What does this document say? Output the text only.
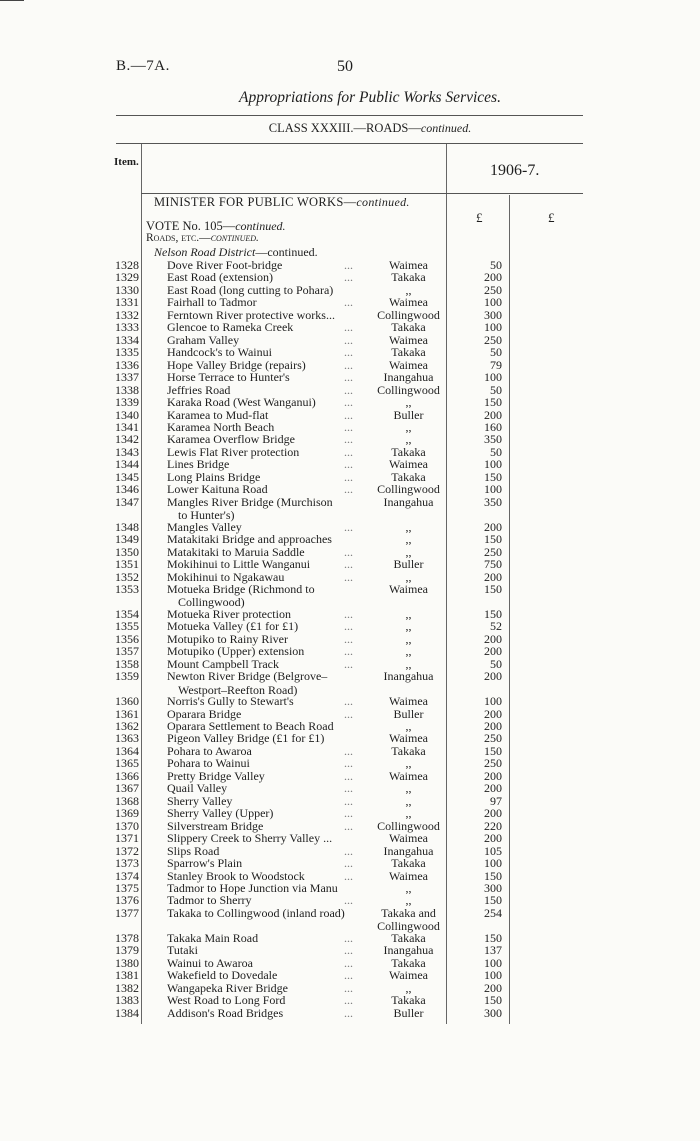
B.—7A.	50
Appropriations for Public Works Services.
CLASS XXXIII.—ROADS—continued.
Item.	1906-7.
MINISTER FOR PUBLIC WORKS—continued.
£	£
VOTE No. 105—continued.
Roads, etc.—continued.
Nelson Road District—continued.
1328 Dove River Foot-bridge	...	Waimea	50
1329 East Road (extension)	...	Takaka	200
1330 East Road (long cutting to Pohara)	,,	250
1331 Fairhall to Tadmor	...	Waimea	100
1332 Ferntown River protective works...	Collingwood	300
1333 Glencoe to Rameka Creek	...	Takaka	100
1334 Graham Valley	...	Waimea	250
1335 Handcock's to Wainui	...	Takaka	50
1336 Hope Valley Bridge (repairs)	...	Waimea	79
1337 Horse Terrace to Hunter's	...	Inangahua	100
1338 Jeffries Road	...	Collingwood	50
1339 Karaka Road (West Wanganui) ...	,,	150
1340 Karamea to Mud-flat	...	Buller	200
1341 Karamea North Beach	...	,,	160
1342 Karamea Overflow Bridge	...	,,	350
1343 Lewis Flat River protection	...	Takaka	50
1344 Lines Bridge	...	Waimea	100
1345 Long Plains Bridge	...	Takaka	150
1346 Lower Kaituna Road	...	Collingwood	100
1347 Mangles River Bridge (Murchison	Inangahua	350
to Hunter's)
1348 Mangles Valley	...	,,	200
1349 Matakitaki Bridge and approaches	,,	150
1350 Matakitaki to Maruia Saddle	...	,,	250
1351 Mokihinui to Little Wanganui	...	Buller	750
1352 Mokihinui to Ngakawau	...	,,	200
1353 Motueka Bridge (Richmond to	Waimea	150
Collingwood)
1354 Motueka River protection	...	,,	150
1355 Motueka Valley (£1 for £1)	...	,,	52
1356 Motupiko to Rainy River	...	,,	200
1357 Motupiko (Upper) extension	...	,,	200
1358 Mount Campbell Track	...	,,	50
1359 Newton River Bridge (Belgrove–	Inangahua	200
Westport–Reefton Road)
1360 Norris's Gully to Stewart's	...	Waimea	100
1361 Oparara Bridge	...	Buller	200
1362 Oparara Settlement to Beach Road	,,	200
1363 Pigeon Valley Bridge (£1 for £1)	Waimea	250
1364 Pohara to Awaroa	...	Takaka	150
1365 Pohara to Wainui	...	,,	250
1366 Pretty Bridge Valley	...	Waimea	200
1367 Quail Valley	...	,,	200
1368 Sherry Valley	...	,,	97
1369 Sherry Valley (Upper)	...	,,	200
1370 Silverstream Bridge	...	Collingwood	220
1371 Slippery Creek to Sherry Valley ...	Waimea	200
1372 Slips Road	...	Inangahua	105
1373 Sparrow's Plain	...	Takaka	100
1374 Stanley Brook to Woodstock	...	Waimea	150
1375 Tadmor to Hope Junction via Manu	,,	300
1376 Tadmor to Sherry	...	,,	150
1377 Takaka to Collingwood (inland road)	Takaka and	254
Collingwood
1378 Takaka Main Road	...	Takaka	150
1379 Tutaki	...	Inangahua	137
1380 Wainui to Awaroa	...	Takaka	100
1381 Wakefield to Dovedale	...	Waimea	100
1382 Wangapeka River Bridge	...	,,	200
1383 West Road to Long Ford	...	Takaka	150
1384 Addison's Road Bridges	...	Buller	300
